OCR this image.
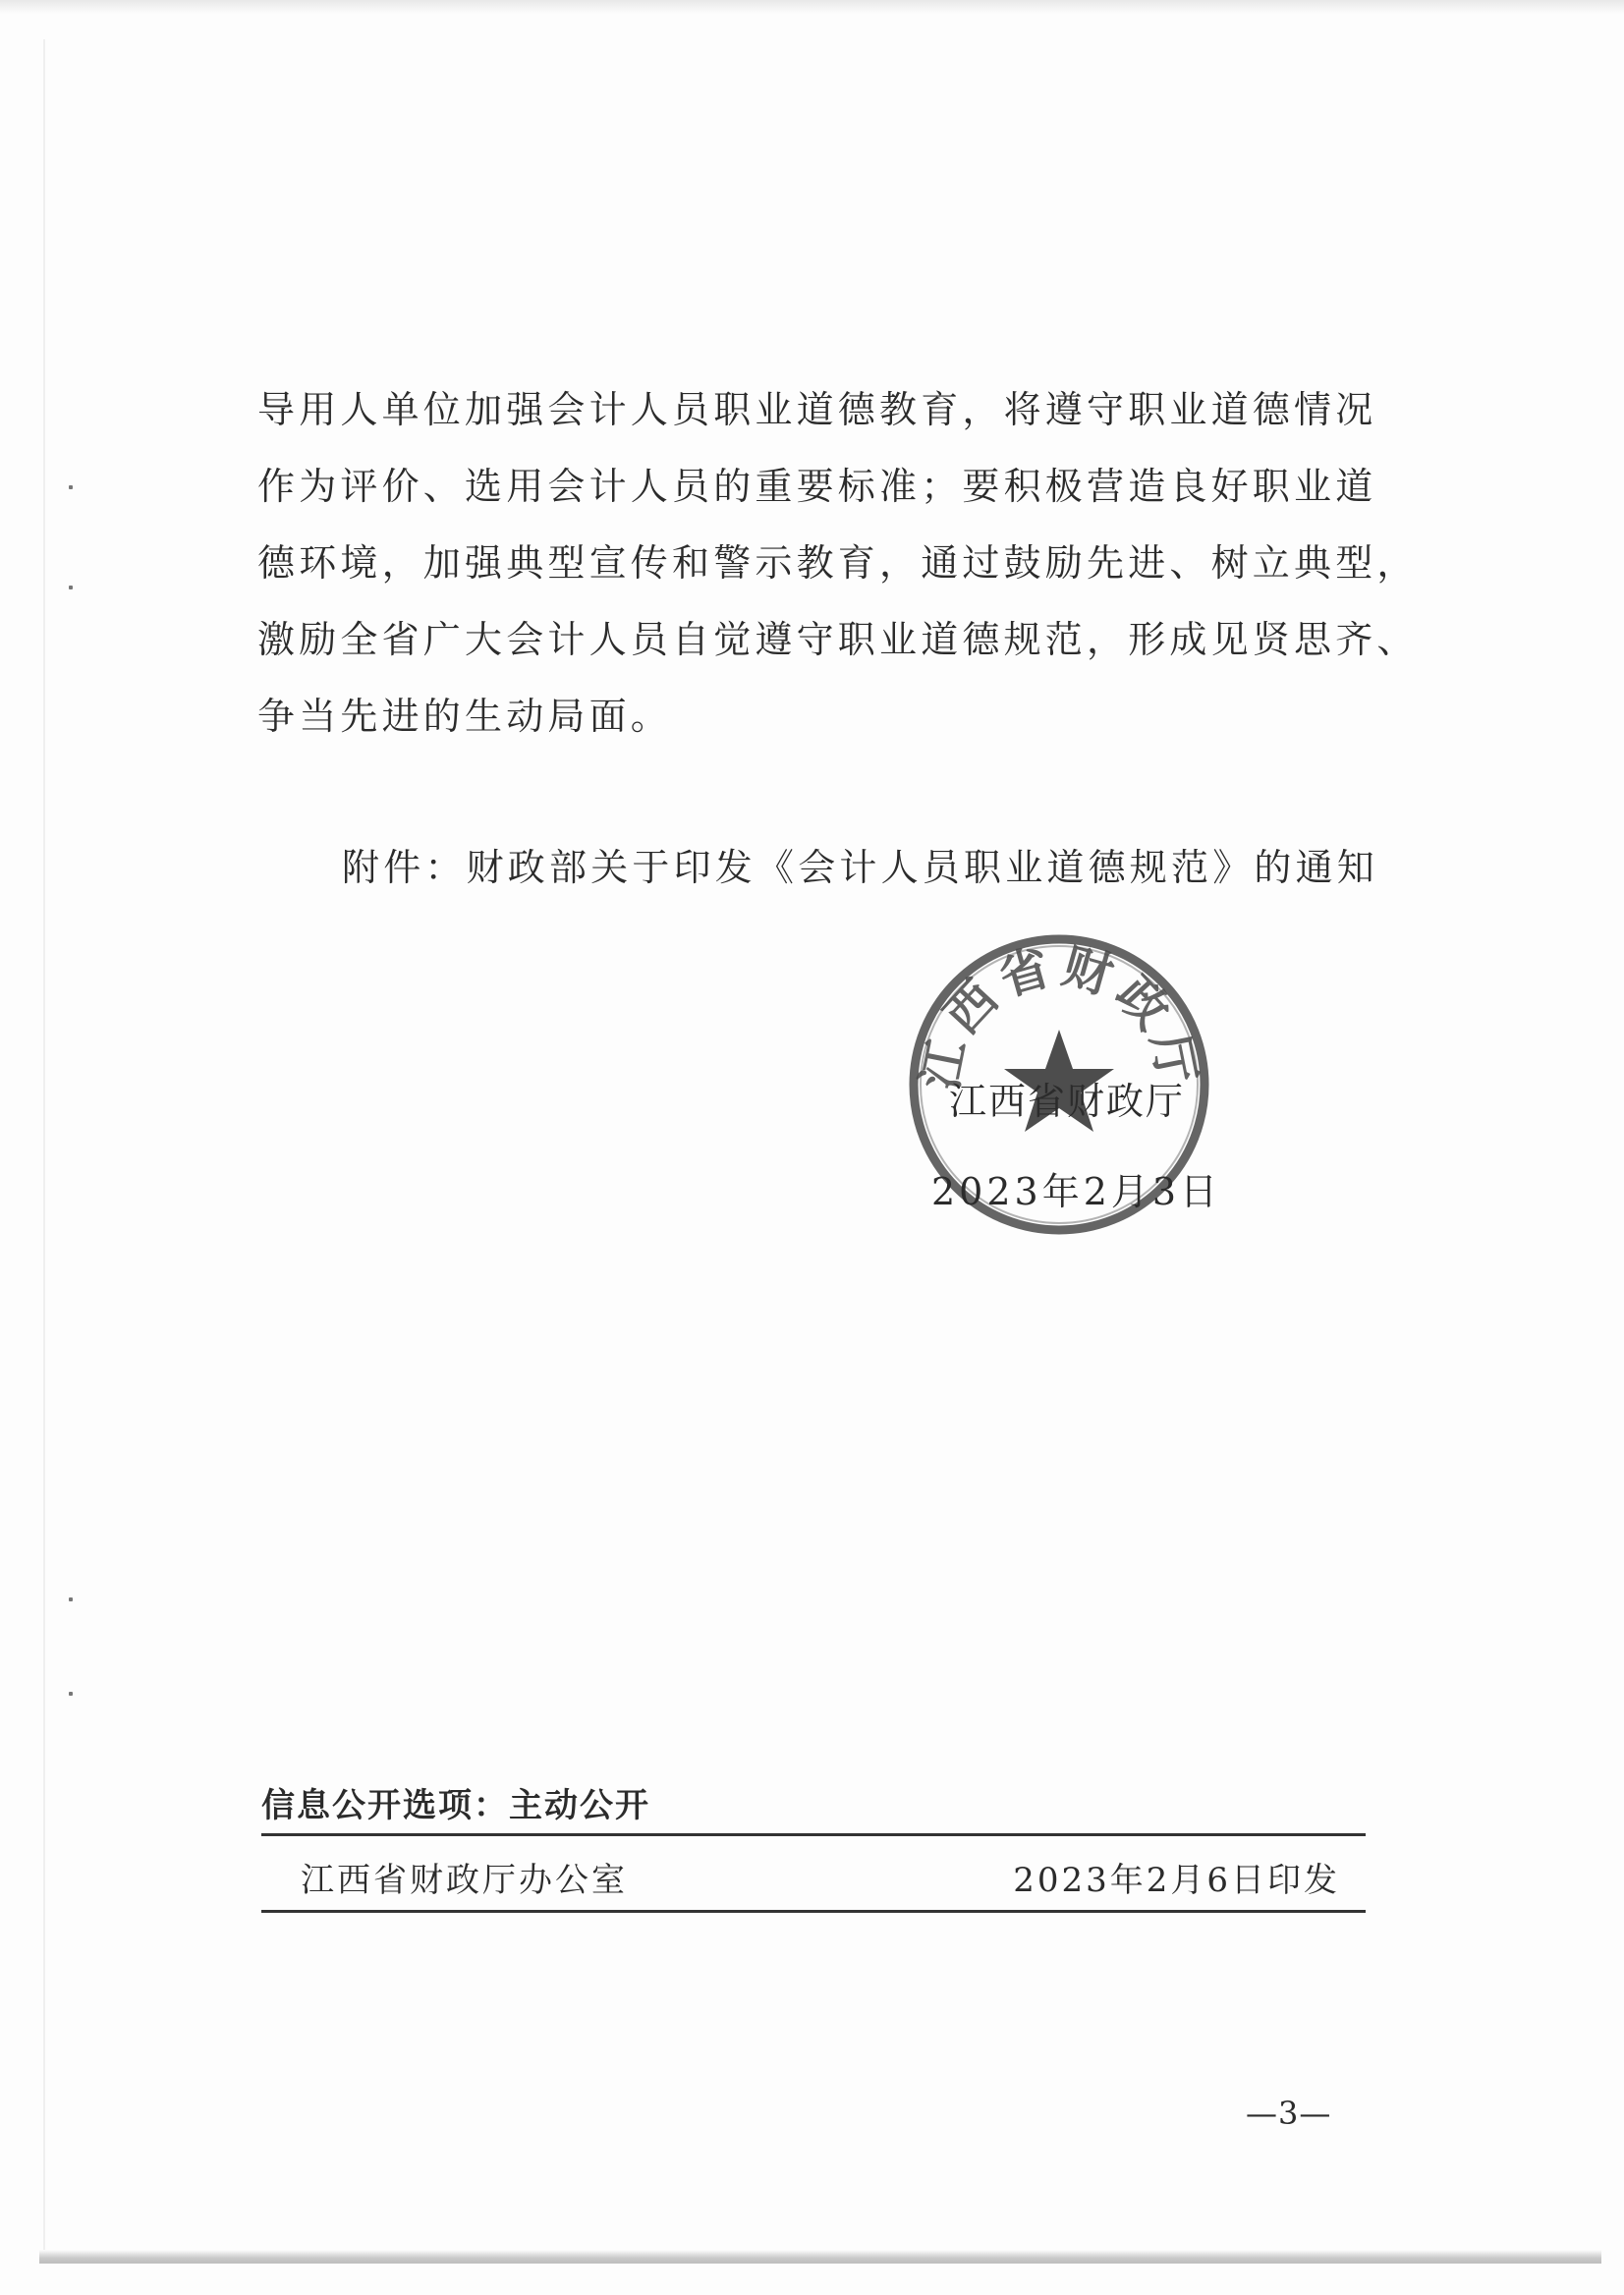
导用人单位加强会计人员职业道德教育，将遵守职业道德情况
作为评价、选用会计人员的重要标准；要积极营造良好职业道
德环境，加强典型宣传和警示教育，通过鼓励先进、树立典型，
激励全省广大会计人员自觉遵守职业道德规范，形成见贤思齐、
争当先进的生动局面。
附件：财政部关于印发《会计人员职业道德规范》的通知
江西省财政厅
江西省财政厅
2023年2月3日
信息公开选项：主动公开
江西省财政厅办公室	2023年2月6日印发
—3—
